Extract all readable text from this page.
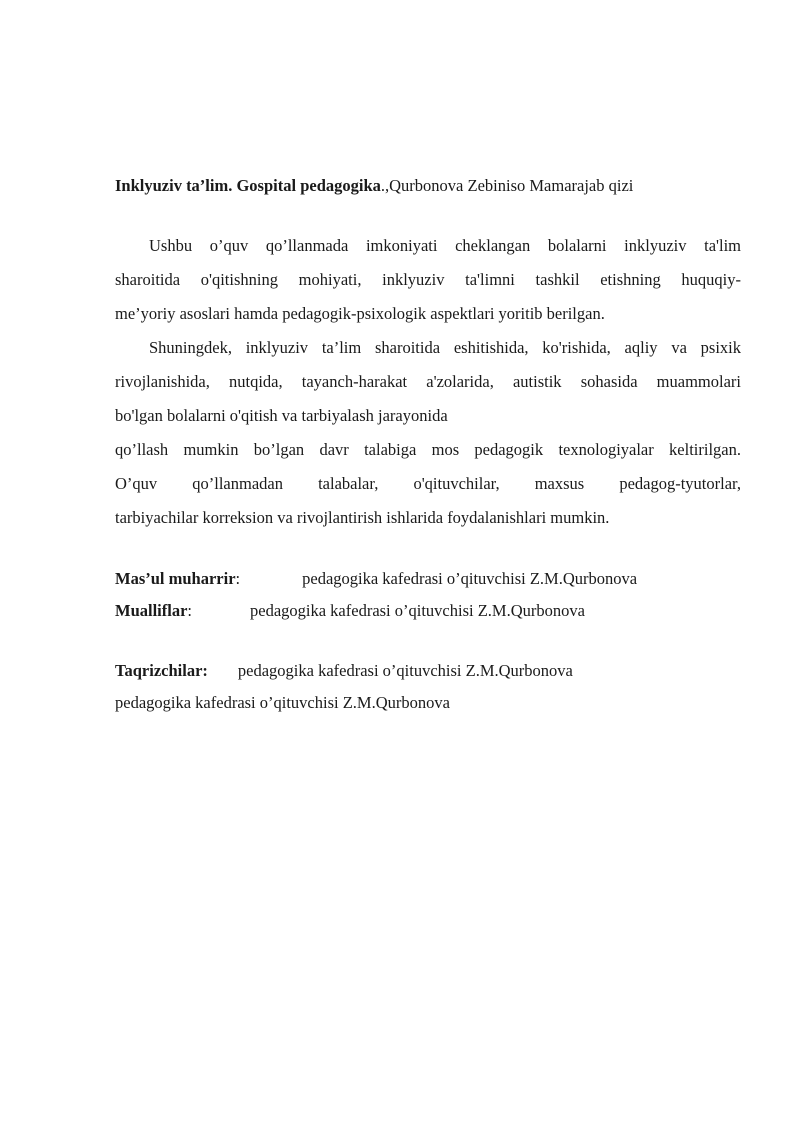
Inklyuziv ta’lim. Gospital pedagogika.,Qurbonova Zebiniso Mamarajab qizi

Ushbu o’quv qo’llanmada imkoniyati cheklangan bolalarni inklyuziv ta'lim
sharoitida o'qitishning mohiyati, inklyuziv ta'limni tashkil etishning huquqiy-
me’yoriy asoslari hamda pedagogik-psixologik aspektlari yoritib berilgan.

Shuningdek, inklyuziv ta’lim sharoitida eshitishida, ko'rishida, aqliy va psixik
rivojlanishida, nutqida, tayanch-harakat a'zolarida, autistik sohasida muammolari
bo'lgan bolalarni o'qitish va tarbiyalash jarayonida

qo’llash mumkin bo’lgan davr talabiga mos pedagogik texnologiyalar keltirilgan.
O’quv qo’llanmadan talabalar, o'qituvchilar, maxsus pedagog-tyutorlar,
tarbiyachilar korreksion va rivojlantirish ishlarida foydalanishlari mumkin.

Mas’ul muharrir:	pedagogika kafedrasi o’qituvchisi Z.M.Qurbonova

Mualliflar:	pedagogika kafedrasi o’qituvchisi Z.M.Qurbonova

Taqrizchilar: pedagogika kafedrasi o’qituvchisi Z.M.Qurbonova

pedagogika kafedrasi o’qituvchisi Z.M.Qurbonova
